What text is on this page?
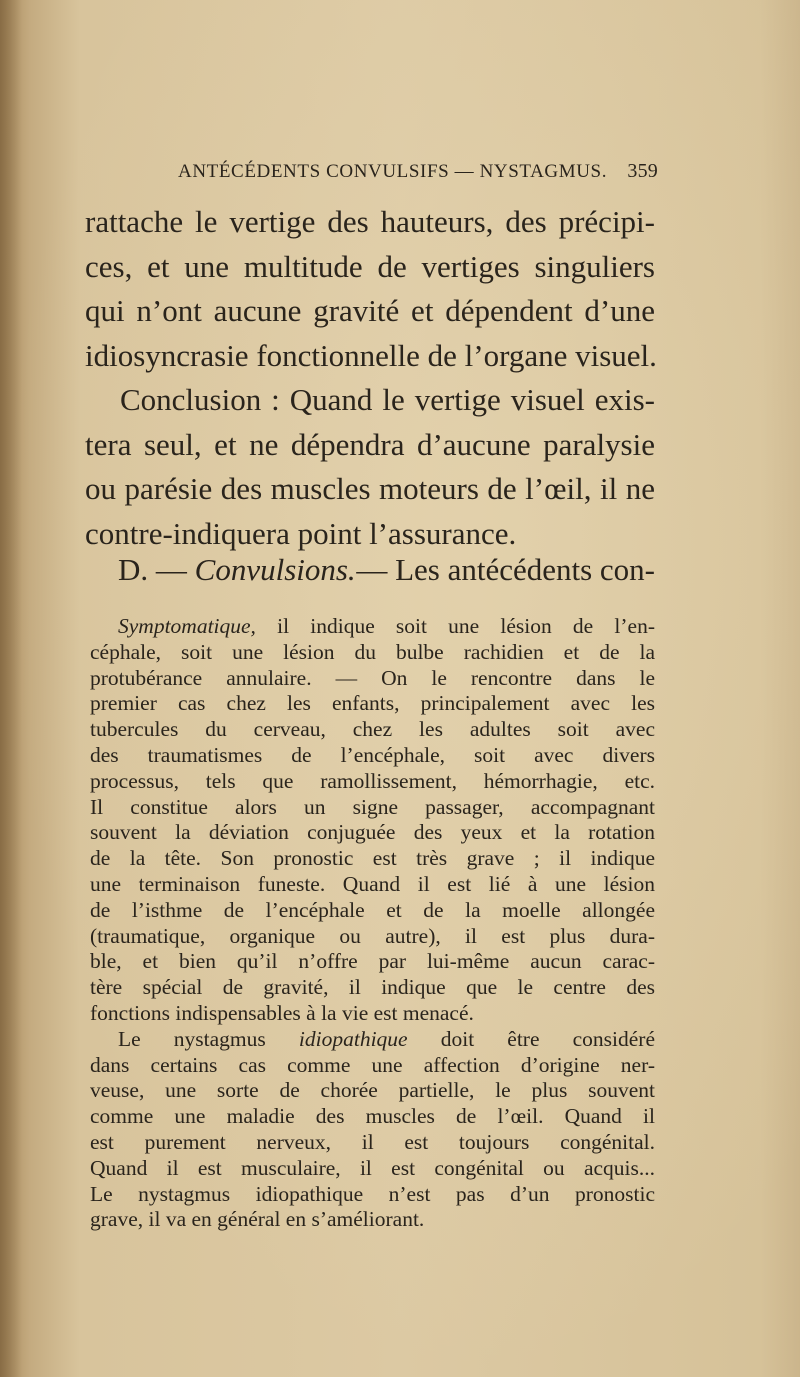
ANTÉCÉDENTS CONVULSIFS — NYSTAGMUS. 359
rattache le vertige des hauteurs, des précipi-
ces, et une multitude de vertiges singuliers
qui n’ont aucune gravité et dépendent d’une
idiosyncrasie fonctionnelle de l’organe visuel.
Conclusion : Quand le vertige visuel exis-
tera seul, et ne dépendra d’aucune paralysie
ou parésie des muscles moteurs de l’œil, il ne
contre-indiquera point l’assurance.
D. — Convulsions. — Les antécédents con-
Symptomatique, il indique soit une lésion de l’en-
céphale, soit une lésion du bulbe rachidien et de la
protubérance annulaire. — On le rencontre dans le
premier cas chez les enfants, principalement avec les
tubercules du cerveau, chez les adultes soit avec
des traumatismes de l’encéphale, soit avec divers
processus, tels que ramollissement, hémorrhagie, etc.
Il constitue alors un signe passager, accompagnant
souvent la déviation conjuguée des yeux et la rotation
de la tête. Son pronostic est très grave ; il indique
une terminaison funeste. Quand il est lié à une lésion
de l’isthme de l’encéphale et de la moelle allongée
(traumatique, organique ou autre), il est plus dura-
ble, et bien qu’il n’offre par lui-même aucun carac-
tère spécial de gravité, il indique que le centre des
fonctions indispensables à la vie est menacé.
Le nystagmus idiopathique doit être considéré
dans certains cas comme une affection d’origine ner-
veuse, une sorte de chorée partielle, le plus souvent
comme une maladie des muscles de l’œil. Quand il
est purement nerveux, il est toujours congénital.
Quand il est musculaire, il est congénital ou acquis...
Le nystagmus idiopathique n’est pas d’un pronostic
grave, il va en général en s’améliorant.
